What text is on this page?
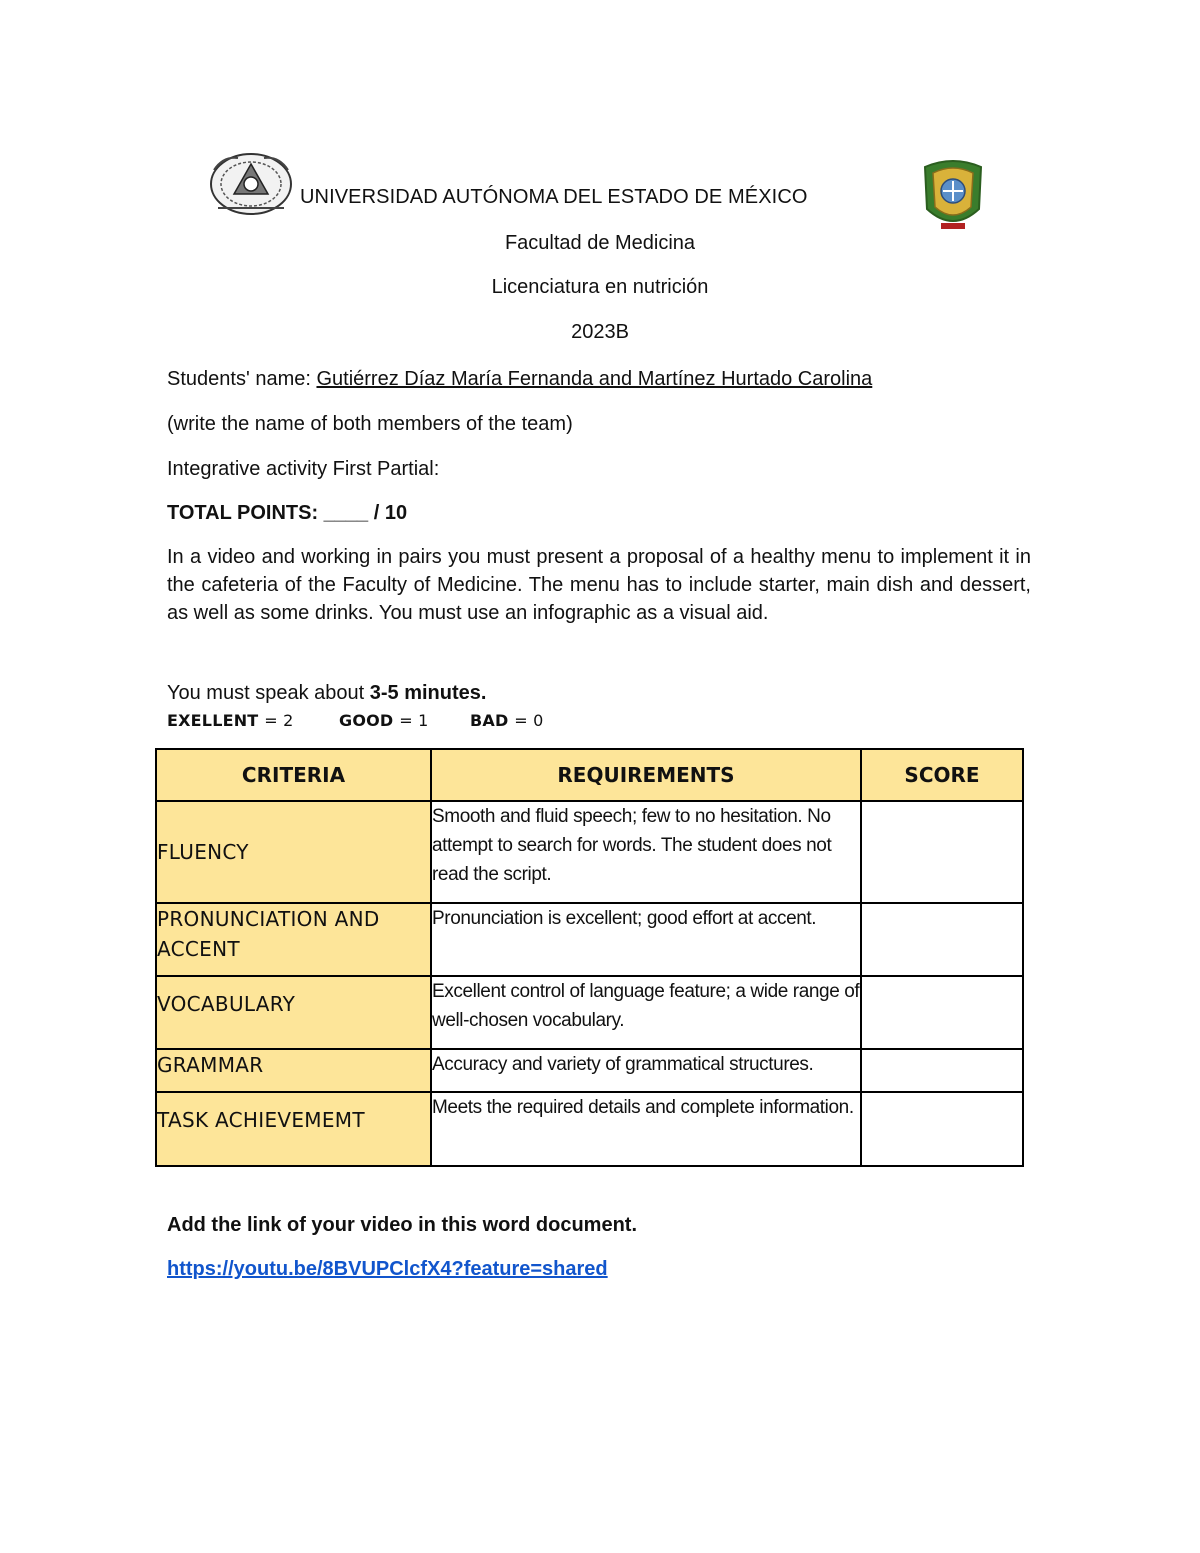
UNIVERSIDAD AUTÓNOMA DEL ESTADO DE MÉXICO
Facultad de Medicina
Licenciatura en nutrición
2023B
Students' name: Gutiérrez Díaz María Fernanda and Martínez Hurtado Carolina
(write the name of both members of the team)
Integrative activity First Partial:
TOTAL POINTS: ____ / 10
In a video and working in pairs you must present a proposal of a healthy menu to implement it in the cafeteria of the Faculty of Medicine. The menu has to include starter, main dish and dessert, as well as some drinks. You must use an infographic as a visual aid.
You must speak about 3-5 minutes.
EXELLENT = 2	GOOD = 1	BAD = 0
CRITERIA	REQUIREMENTS	SCORE
FLUENCY	Smooth and fluid speech; few to no hesitation. No attempt to search for words. The student does not read the script.	
PRONUNCIATION AND ACCENT	Pronunciation is excellent; good effort at accent.	
VOCABULARY	Excellent control of language feature; a wide range of well-chosen vocabulary.	
GRAMMAR	Accuracy and variety of grammatical structures.	
TASK ACHIEVEMEMT	Meets the required details and complete information.	
Add the link of your video in this word document.
https://youtu.be/8BVUPClcfX4?feature=shared
